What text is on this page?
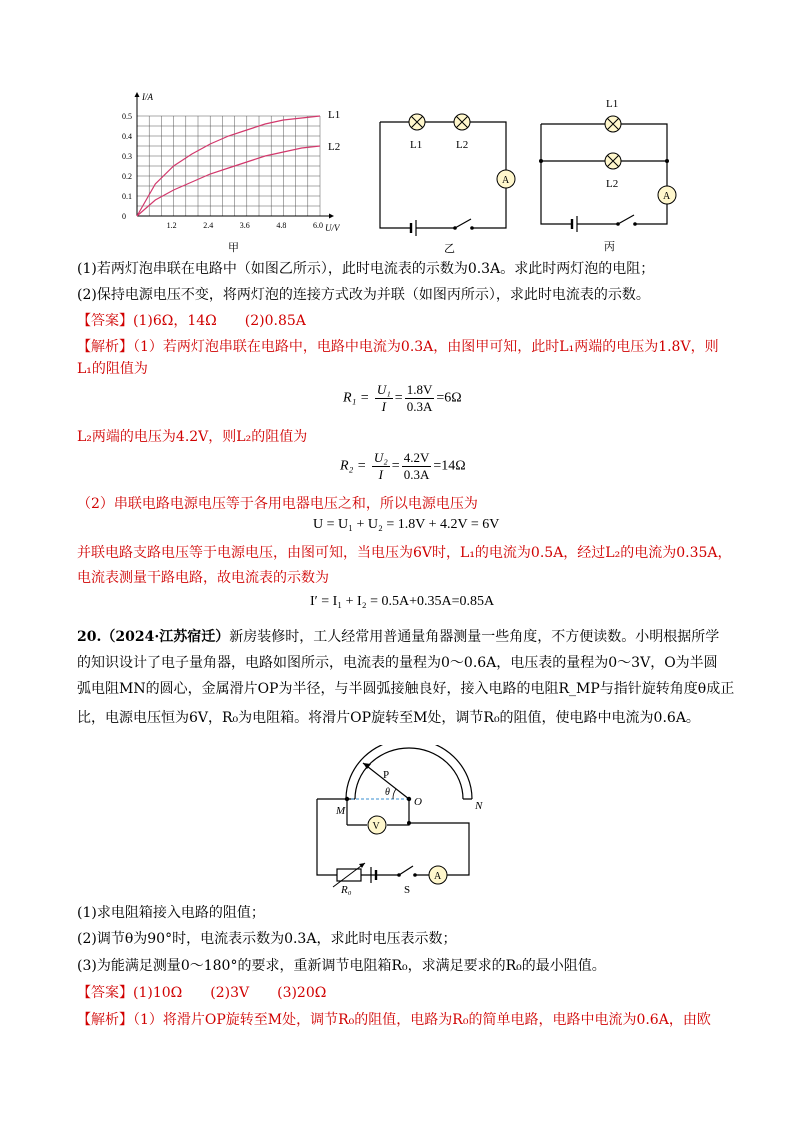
1.2	2.4	3.6	4.8	6.0
0
0.1
0.2
0.3
0.4
0.5
I/A
U/V
L1
L2
甲
A
L1	L2
乙
A
L1
L2
丙
(1)若两灯泡串联在电路中（如图乙所示），此时电流表的示数为0.3A。求此时两灯泡的电阻；
(2)保持电源电压不变，将两灯泡的连接方式改为并联（如图丙所示），求此时电流表的示数。
【答案】(1)6Ω，14Ω　　(2)0.85A
【解析】（1）若两灯泡串联在电路中，电路中电流为0.3A，由图甲可知，此时L₁两端的电压为1.8V，则
L₁的阻值为
$R_1 = \frac{\text{U₁}}{I} = \frac{1.8V}{0.3A} =6\Omega$
L₂两端的电压为4.2V，则L₂的阻值为
$R_2 = \frac{\text{U₂}}{I} = \frac{4.2V}{0.3A} =14\Omega$
（2）串联电路电源电压等于各用电器电压之和，所以电源电压为
U = U₁ + U₂ = 1.8V + 4.2V = 6V
并联电路支路电压等于电源电压，由图可知，当电压为6V时，L₁的电流为0.5A，经过L₂的电流为0.35A，
电流表测量干路电路，故电流表的示数为
I′ = I₁ + I₂ = 0.5A+0.35A=0.85A
20.（2024·江苏宿迁）新房装修时，工人经常用普通量角器测量一些角度，不方便读数。小明根据所学
的知识设计了电子量角器，电路如图所示，电流表的量程为0～0.6A，电压表的量程为0～3V，O为半圆
弧电阻MN的圆心，金属滑片OP为半径，与半圆弧接触良好，接入电路的电阻R_MP与指针旋转角度θ成正
比，电源电压恒为6V，R₀为电阻箱。将滑片OP旋转至M处，调节R₀的阻值，使电路中电流为0.6A。
V
A
P
θ
M
O	N
R₀	S
(1)求电阻箱接入电路的阻值；
(2)调节θ为90°时，电流表示数为0.3A，求此时电压表示数；
(3)为能满足测量0～180°的要求，重新调节电阻箱R₀，求满足要求的R₀的最小阻值。
【答案】(1)10Ω　　(2)3V　　(3)20Ω
【解析】（1）将滑片OP旋转至M处，调节R₀的阻值，电路为R₀的简单电路，电路中电流为0.6A，由欧
